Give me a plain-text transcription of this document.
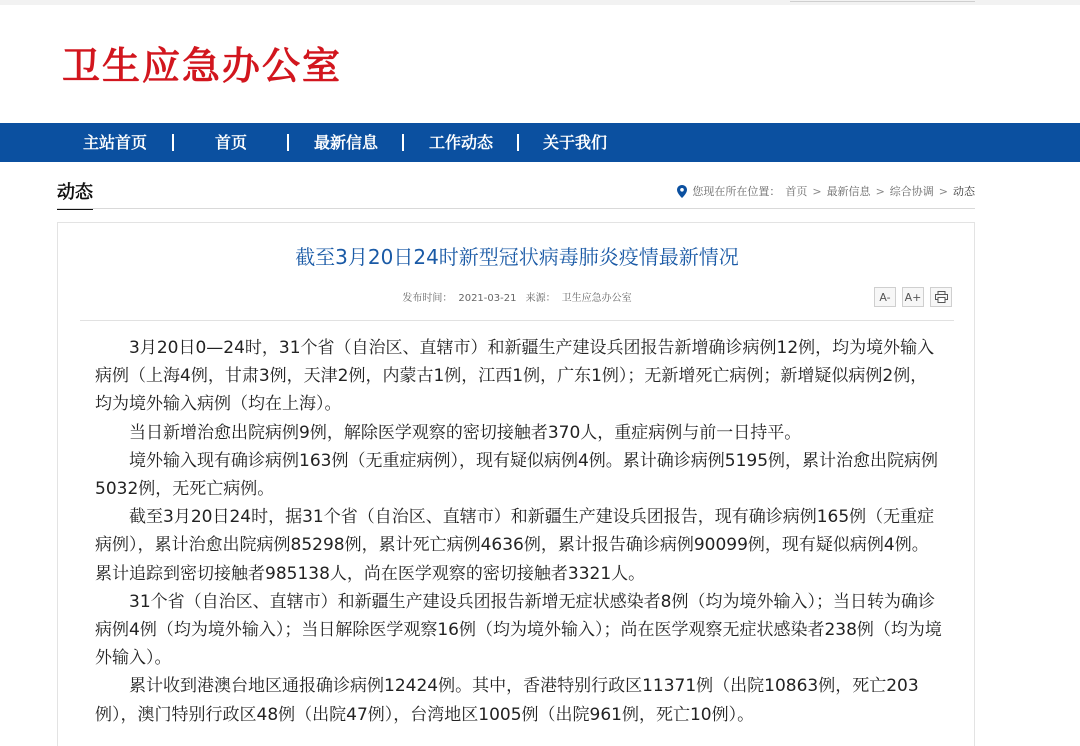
卫生应急办公室
主站首页	首页	最新信息	工作动态	关于我们
动态	您现在所在位置： 首页 > 最新信息 > 综合协调 > 动态
截至3月20日24时新型冠状病毒肺炎疫情最新情况
发布时间： 2021-03-21 来源： 卫生应急办公室	A-	A+

3月20日0—24时，31个省（自治区、直辖市）和新疆生产建设兵团报告新增确诊病例12例，均为境外输入病例（上海4例，甘肃3例，天津2例，内蒙古1例，江西1例，广东1例）；无新增死亡病例；新增疑似病例2例，均为境外输入病例（均在上海）。

当日新增治愈出院病例9例，解除医学观察的密切接触者370人，重症病例与前一日持平。

境外输入现有确诊病例163例（无重症病例），现有疑似病例4例。累计确诊病例5195例，累计治愈出院病例5032例，无死亡病例。

截至3月20日24时，据31个省（自治区、直辖市）和新疆生产建设兵团报告，现有确诊病例165例（无重症病例），累计治愈出院病例85298例，累计死亡病例4636例，累计报告确诊病例90099例，现有疑似病例4例。累计追踪到密切接触者985138人，尚在医学观察的密切接触者3321人。

31个省（自治区、直辖市）和新疆生产建设兵团报告新增无症状感染者8例（均为境外输入）；当日转为确诊病例4例（均为境外输入）；当日解除医学观察16例（均为境外输入）；尚在医学观察无症状感染者238例（均为境外输入）。

累计收到港澳台地区通报确诊病例12424例。其中，香港特别行政区11371例（出院10863例，死亡203例），澳门特别行政区48例（出院47例），台湾地区1005例（出院961例，死亡10例）。
